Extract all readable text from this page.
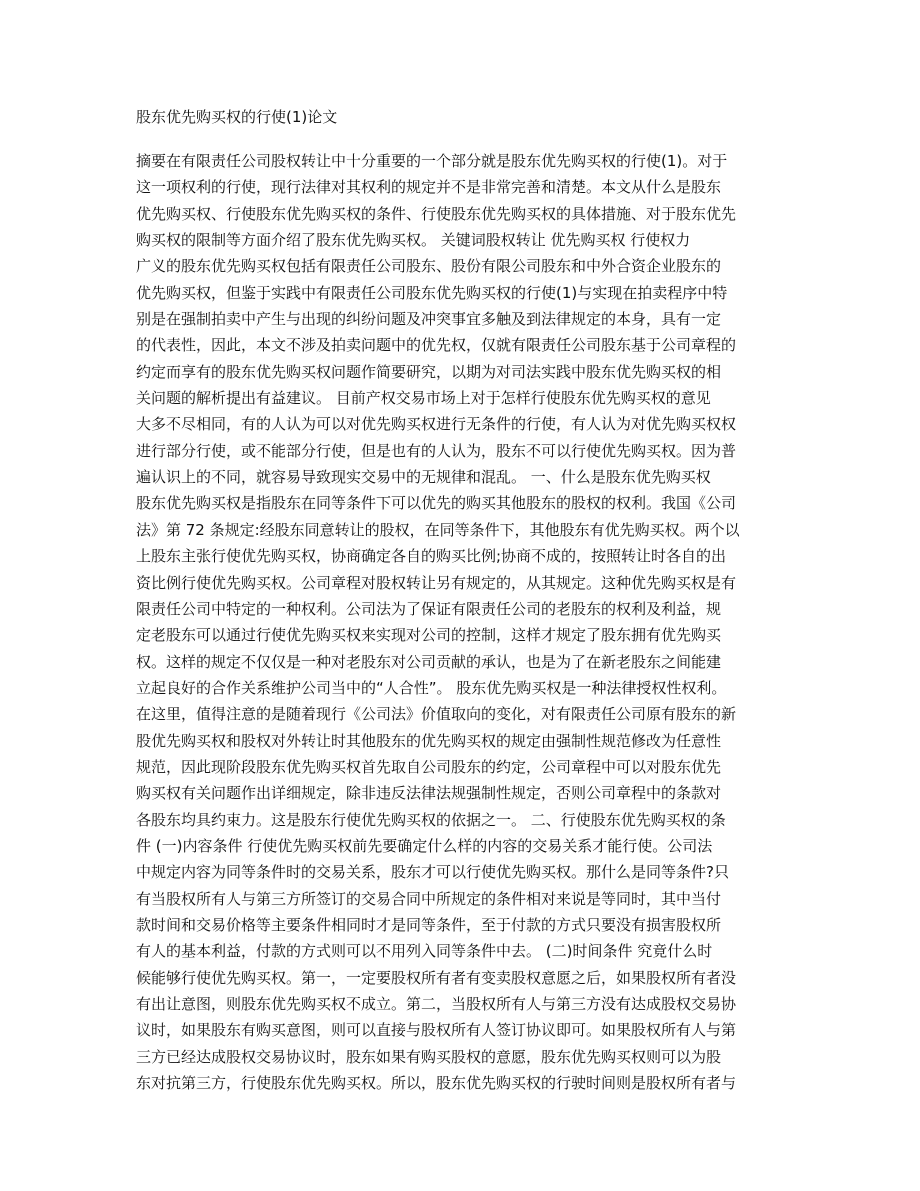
股东优先购买权的行使(1)论文
摘要在有限责任公司股权转让中十分重要的一个部分就是股东优先购买权的行使(1)。对于
这一项权利的行使，现行法律对其权利的规定并不是非常完善和清楚。本文从什么是股东
优先购买权、行使股东优先购买权的条件、行使股东优先购买权的具体措施、对于股东优先
购买权的限制等方面介绍了股东优先购买权。 关键词股权转让 优先购买权 行使权力
广义的股东优先购买权包括有限责任公司股东、股份有限公司股东和中外合资企业股东的
优先购买权，但鉴于实践中有限责任公司股东优先购买权的行使(1)与实现在拍卖程序中特
别是在强制拍卖中产生与出现的纠纷问题及冲突事宜多触及到法律规定的本身，具有一定
的代表性，因此，本文不涉及拍卖问题中的优先权，仅就有限责任公司股东基于公司章程的
约定而享有的股东优先购买权问题作简要研究，以期为对司法实践中股东优先购买权的相
关问题的解析提出有益建议。 目前产权交易市场上对于怎样行使股东优先购买权的意见
大多不尽相同，有的人认为可以对优先购买权进行无条件的行使，有人认为对优先购买权权
进行部分行使，或不能部分行使，但是也有的人认为，股东不可以行使优先购买权。因为普
遍认识上的不同，就容易导致现实交易中的无规律和混乱。 一、什么是股东优先购买权
股东优先购买权是指股东在同等条件下可以优先的购买其他股东的股权的权利。我国《公司
法》第 72 条规定:经股东同意转让的股权，在同等条件下，其他股东有优先购买权。两个以
上股东主张行使优先购买权，协商确定各自的购买比例;协商不成的，按照转让时各自的出
资比例行使优先购买权。公司章程对股权转让另有规定的，从其规定。这种优先购买权是有
限责任公司中特定的一种权利。公司法为了保证有限责任公司的老股东的权利及利益，规
定老股东可以通过行使优先购买权来实现对公司的控制，这样才规定了股东拥有优先购买
权。这样的规定不仅仅是一种对老股东对公司贡献的承认，也是为了在新老股东之间能建
立起良好的合作关系维护公司当中的“人合性”。 股东优先购买权是一种法律授权性权利。
在这里，值得注意的是随着现行《公司法》价值取向的变化，对有限责任公司原有股东的新
股优先购买权和股权对外转让时其他股东的优先购买权的规定由强制性规范修改为任意性
规范，因此现阶段股东优先购买权首先取自公司股东的约定，公司章程中可以对股东优先
购买权有关问题作出详细规定，除非违反法律法规强制性规定，否则公司章程中的条款对
各股东均具约束力。这是股东行使优先购买权的依据之一。 二、行使股东优先购买权的条
件 (一)内容条件 行使优先购买权前先要确定什么样的内容的交易关系才能行使。公司法
中规定内容为同等条件时的交易关系，股东才可以行使优先购买权。那什么是同等条件?只
有当股权所有人与第三方所签订的交易合同中所规定的条件相对来说是等同时，其中当付
款时间和交易价格等主要条件相同时才是同等条件，至于付款的方式只要没有损害股权所
有人的基本利益，付款的方式则可以不用列入同等条件中去。 (二)时间条件 究竟什么时
候能够行使优先购买权。第一，一定要股权所有者有变卖股权意愿之后，如果股权所有者没
有出让意图，则股东优先购买权不成立。第二，当股权所有人与第三方没有达成股权交易协
议时，如果股东有购买意图，则可以直接与股权所有人签订协议即可。如果股权所有人与第
三方已经达成股权交易协议时，股东如果有购买股权的意愿，股东优先购买权则可以为股
东对抗第三方，行使股东优先购买权。所以，股东优先购买权的行驶时间则是股权所有者与
